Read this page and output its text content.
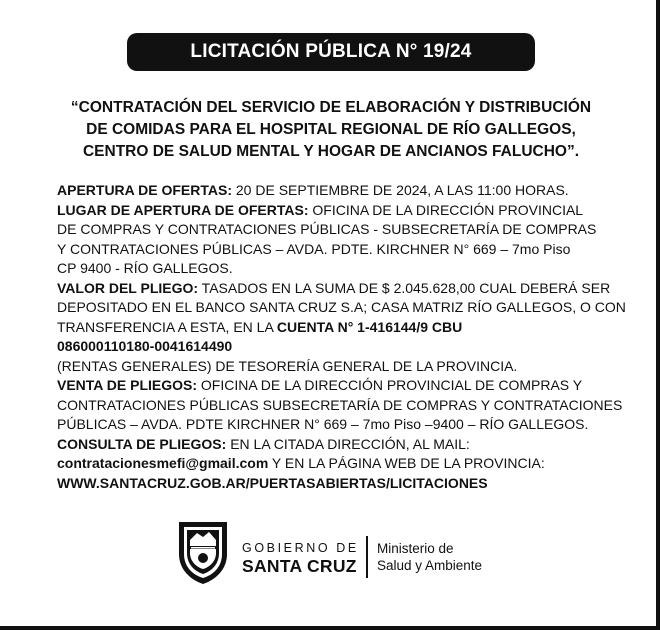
LICITACIÓN PÚBLICA N° 19/24
“CONTRATACIÓN DEL SERVICIO DE ELABORACIÓN Y DISTRIBUCIÓN
DE COMIDAS PARA EL HOSPITAL REGIONAL DE RÍO GALLEGOS,
CENTRO DE SALUD MENTAL Y HOGAR DE ANCIANOS FALUCHO”.
APERTURA DE OFERTAS: 20 DE SEPTIEMBRE DE 2024, A LAS 11:00 HORAS.
LUGAR DE APERTURA DE OFERTAS: OFICINA DE LA DIRECCIÓN PROVINCIAL
DE COMPRAS Y CONTRATACIONES PÚBLICAS - SUBSECRETARÍA DE COMPRAS
Y CONTRATACIONES PÚBLICAS – AVDA. PDTE. KIRCHNER N° 669 – 7mo Piso
CP 9400 - RÍO GALLEGOS.
VALOR DEL PLIEGO: TASADOS EN LA SUMA DE $ 2.045.628,00 CUAL DEBERÁ SER
DEPOSITADO EN EL BANCO SANTA CRUZ S.A; CASA MATRIZ RÍO GALLEGOS, O CON
TRANSFERENCIA A ESTA, EN LA CUENTA N° 1-416144/9 CBU
086000110180-0041614490
(RENTAS GENERALES) DE TESORERÍA GENERAL DE LA PROVINCIA.
VENTA DE PLIEGOS: OFICINA DE LA DIRECCIÓN PROVINCIAL DE COMPRAS Y
CONTRATACIONES PÚBLICAS SUBSECRETARÍA DE COMPRAS Y CONTRATACIONES
PÚBLICAS – AVDA. PDTE KIRCHNER N° 669 – 7mo Piso –9400 – RÍO GALLEGOS.
CONSULTA DE PLIEGOS: EN LA CITADA DIRECCIÓN, AL MAIL:
contratacionesmefi@gmail.com Y EN LA PÁGINA WEB DE LA PROVINCIA:
WWW.SANTACRUZ.GOB.AR/PUERTASABIERTAS/LICITACIONES
GOBIERNO DE
SANTA CRUZ
Ministerio de
Salud y Ambiente
